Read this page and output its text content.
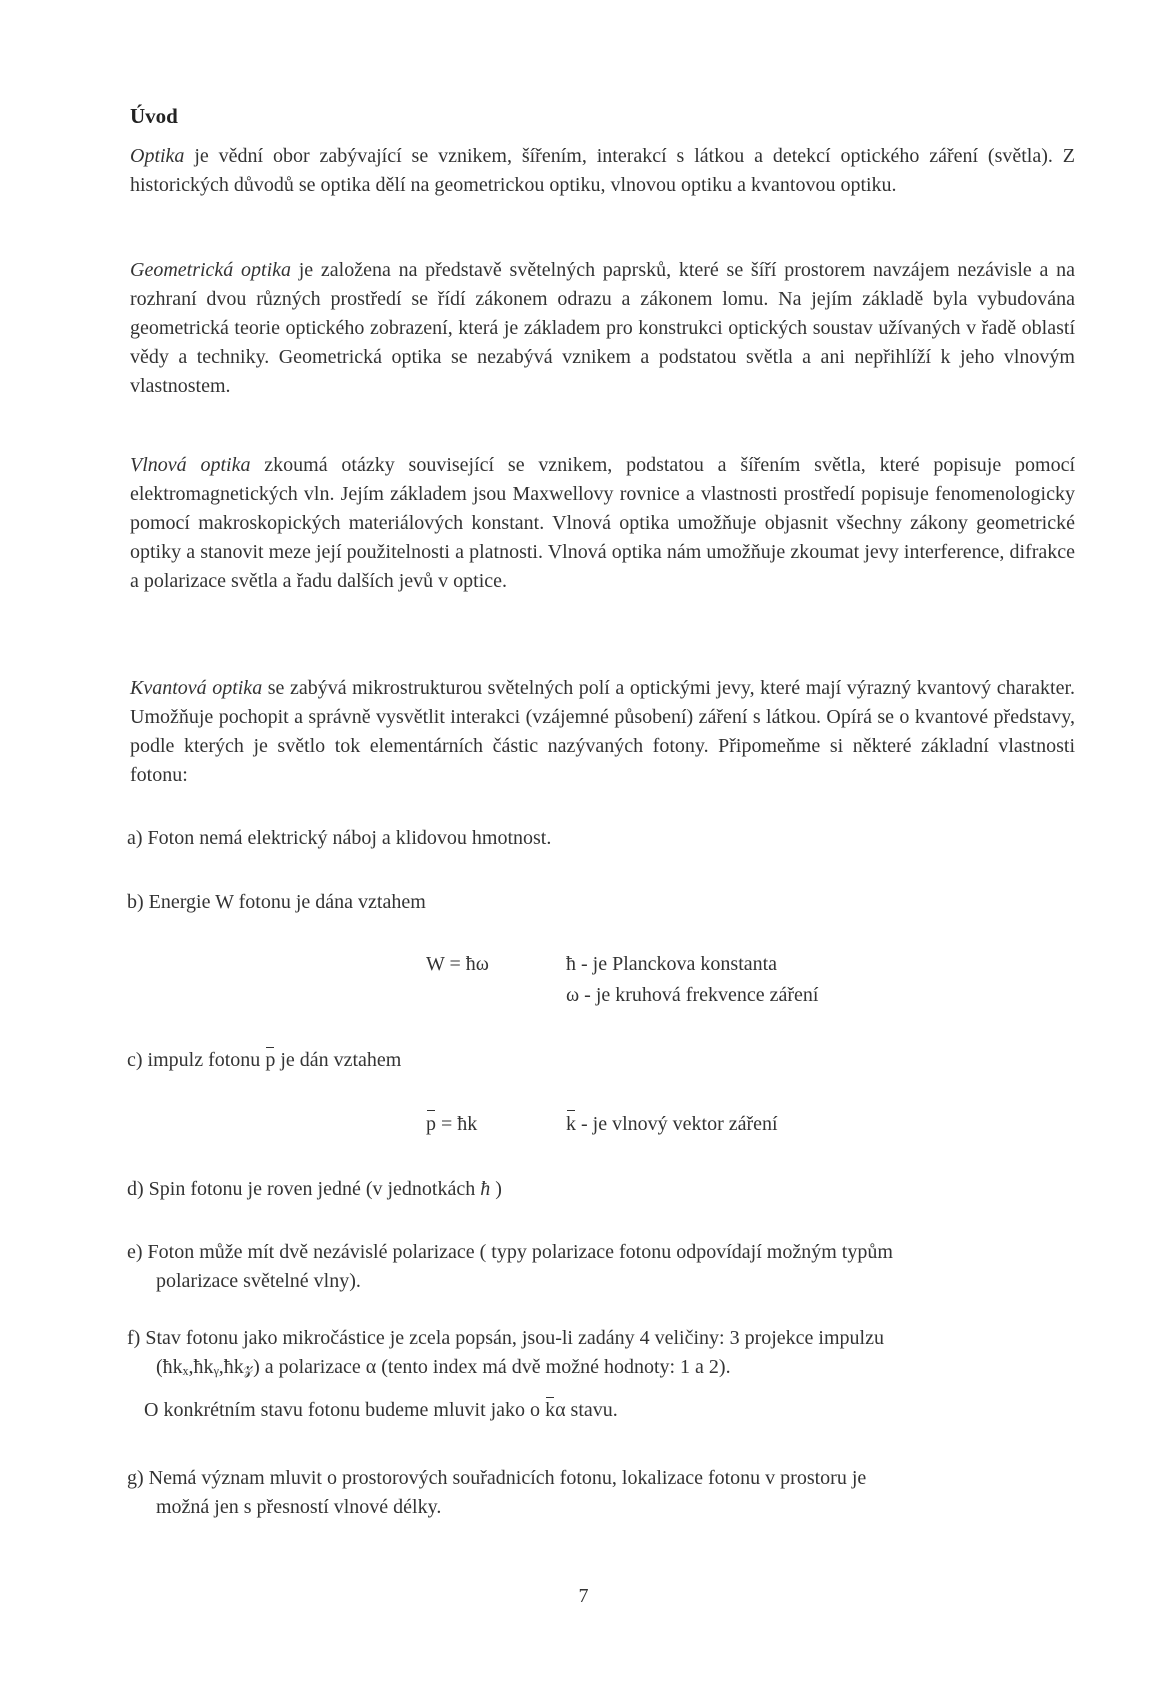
Úvod

Optika je vědní obor zabývající se vznikem, šířením, interakcí s látkou a detekcí optického záření (světla). Z historických důvodů se optika dělí na geometrickou optiku, vlnovou optiku a kvantovou optiku.

Geometrická optika je založena na představě světelných paprsků, které se šíří prostorem navzájem nezávisle a na rozhraní dvou různých prostředí se řídí zákonem odrazu a zákonem lomu. Na jejím základě byla vybudována geometrická teorie optického zobrazení, která je základem pro konstrukci optických soustav užívaných v řadě oblastí vědy a techniky. Geometrická optika se nezabývá vznikem a podstatou světla a ani nepřihlíží k jeho vlnovým vlastnostem.

Vlnová optika zkoumá otázky související se vznikem, podstatou a šířením světla, které popisuje pomocí elektromagnetických vln. Jejím základem jsou Maxwellovy rovnice a vlastnosti prostředí popisuje fenomenologicky pomocí makroskopických materiálových konstant. Vlnová optika umožňuje objasnit všechny zákony geometrické optiky a stanovit meze její použitelnosti a platnosti. Vlnová optika nám umožňuje zkoumat jevy interference, difrakce a polarizace světla a řadu dalších jevů v optice.

Kvantová optika se zabývá mikrostrukturou světelných polí a optickými jevy, které mají výrazný kvantový charakter. Umožňuje pochopit a správně vysvětlit interakci (vzájemné působení) záření s látkou. Opírá se o kvantové představy, podle kterých je světlo tok elementárních částic nazývaných fotony. Připomeňme si některé základní vlastnosti fotonu:

a) Foton nemá elektrický náboj a klidovou hmotnost.
b) Energie W fotonu je dána vztahem
W = ħω	ħ - je Planckova konstanta
ω - je kruhová frekvence záření
c) impulz fotonu p je dán vztahem
p = ħk	k - je vlnový vektor záření
d) Spin fotonu je roven jedné (v jednotkách ħ )
e) Foton může mít dvě nezávislé polarizace ( typy polarizace fotonu odpovídají možným typům
polarizace světelné vlny).
f) Stav fotonu jako mikročástice je zcela popsán, jsou-li zadány 4 veličiny: 3 projekce impulzu
(ħkₓ,ħkᵧ,ħk𝓏) a polarizace α (tento index má dvě možné hodnoty: 1 a 2).
O konkrétním stavu fotonu budeme mluvit jako o kα stavu.
g) Nemá význam mluvit o prostorových souřadnicích fotonu, lokalizace fotonu v prostoru je
možná jen s přesností vlnové délky.
7
